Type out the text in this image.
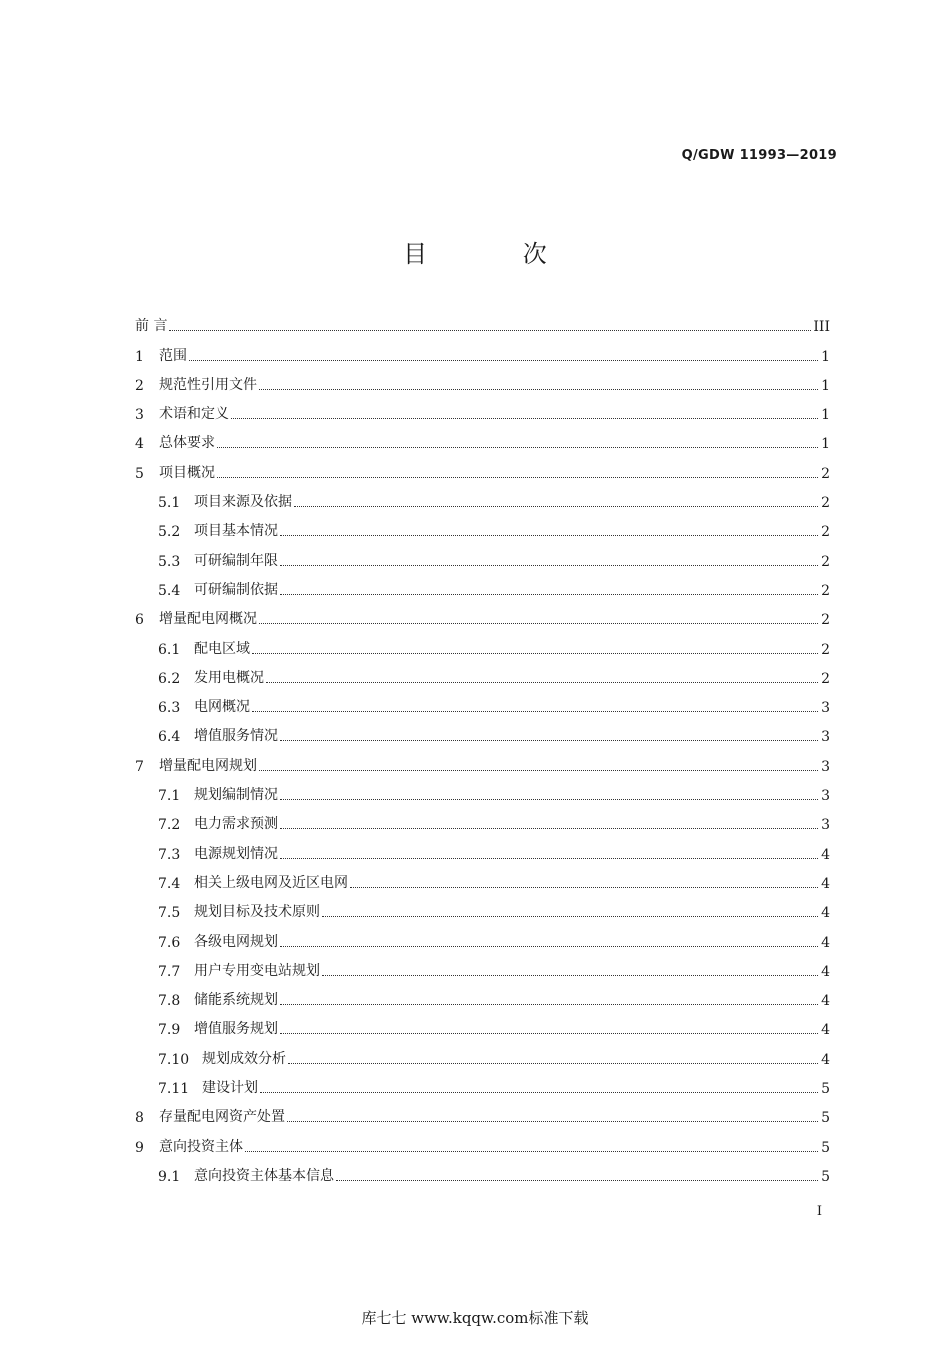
Q/GDW 11993—2019
目 次
前 言	III
1	范围	1
2	规范性引用文件	1
3	术语和定义	1
4	总体要求	1
5	项目概况	2
5.1 项目来源及依据	2
5.2 项目基本情况	2
5.3 可研编制年限	2
5.4 可研编制依据	2
6	增量配电网概况	2
6.1 配电区域	2
6.2 发用电概况	2
6.3 电网概况	3
6.4 增值服务情况	3
7	增量配电网规划	3
7.1 规划编制情况	3
7.2 电力需求预测	3
7.3 电源规划情况	4
7.4 相关上级电网及近区电网	4
7.5 规划目标及技术原则	4
7.6 各级电网规划	4
7.7 用户专用变电站规划	4
7.8 储能系统规划	4
7.9 增值服务规划	4
7.10 规划成效分析	4
7.11 建设计划	5
8	存量配电网资产处置	5
9	意向投资主体	5
9.1 意向投资主体基本信息	5
I
库七七 www.kqqw.com标准下载
